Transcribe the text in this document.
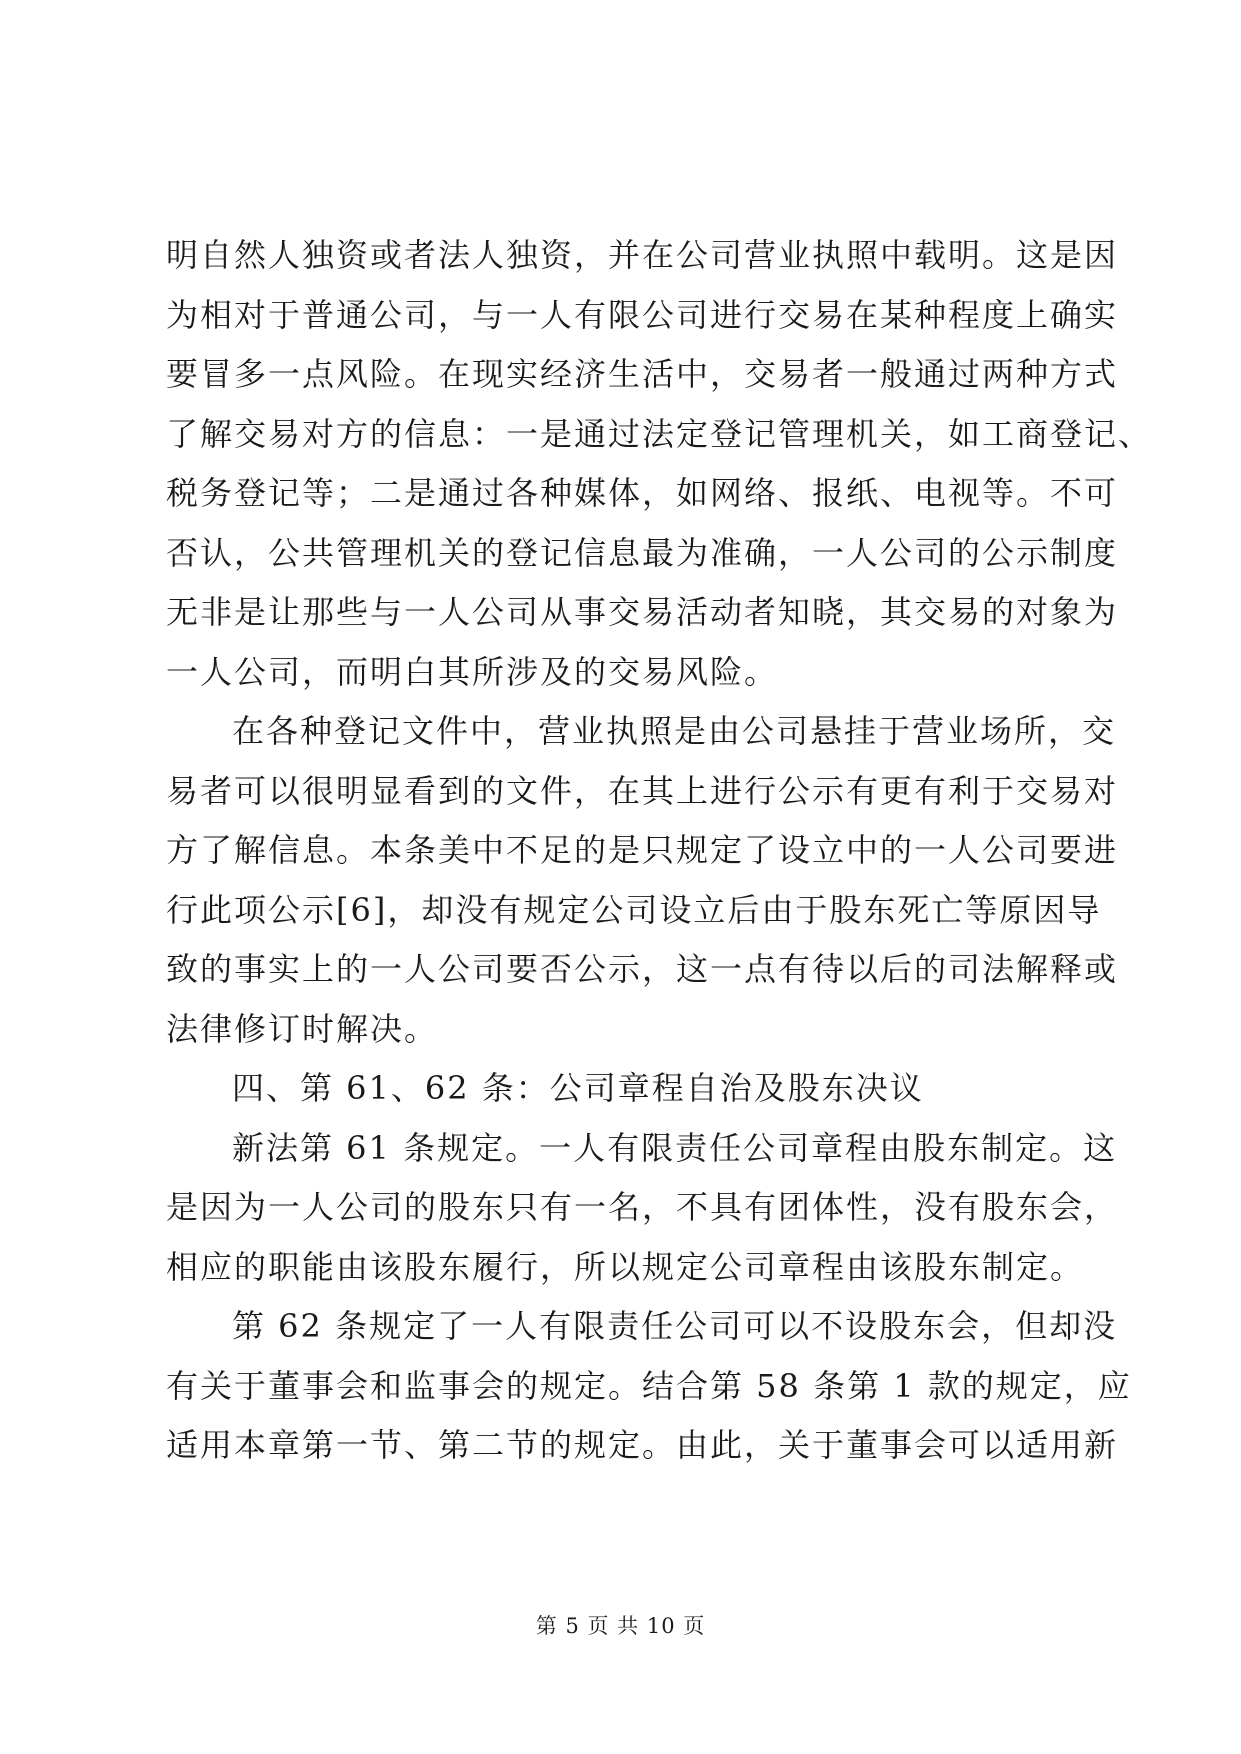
明自然人独资或者法人独资，并在公司营业执照中载明。这是因
为相对于普通公司，与一人有限公司进行交易在某种程度上确实
要冒多一点风险。在现实经济生活中，交易者一般通过两种方式
了解交易对方的信息：一是通过法定登记管理机关，如工商登记、
税务登记等；二是通过各种媒体，如网络、报纸、电视等。不可
否认，公共管理机关的登记信息最为准确，一人公司的公示制度
无非是让那些与一人公司从事交易活动者知晓，其交易的对象为
一人公司，而明白其所涉及的交易风险。
在各种登记文件中，营业执照是由公司悬挂于营业场所，交
易者可以很明显看到的文件，在其上进行公示有更有利于交易对
方了解信息。本条美中不足的是只规定了设立中的一人公司要进
行此项公示[6]，却没有规定公司设立后由于股东死亡等原因导
致的事实上的一人公司要否公示，这一点有待以后的司法解释或
法律修订时解决。
四、第 61、62 条：公司章程自治及股东决议
新法第 61 条规定。一人有限责任公司章程由股东制定。这
是因为一人公司的股东只有一名，不具有团体性，没有股东会，
相应的职能由该股东履行，所以规定公司章程由该股东制定。
第 62 条规定了一人有限责任公司可以不设股东会，但却没
有关于董事会和监事会的规定。结合第 58 条第 1 款的规定，应
适用本章第一节、第二节的规定。由此，关于董事会可以适用新
第 5 页 共 10 页
